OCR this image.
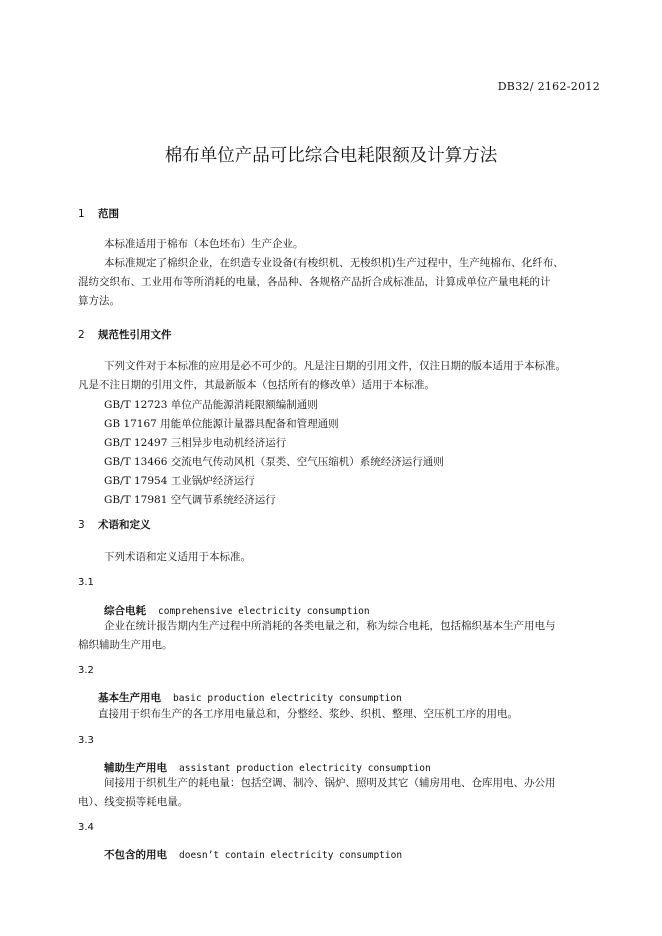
DB32/ 2162-2012
棉布单位产品可比综合电耗限额及计算方法
1 范围
本标准适用于棉布（本色坯布）生产企业。
本标准规定了棉织企业，在织造专业设备(有梭织机、无梭织机)生产过程中，生产纯棉布、化纤布、
混纺交织布、工业用布等所消耗的电量，各品种、各规格产品折合成标准品，计算成单位产量电耗的计
算方法。
2 规范性引用文件
下列文件对于本标准的应用是必不可少的。凡是注日期的引用文件，仅注日期的版本适用于本标准。
凡是不注日期的引用文件，其最新版本（包括所有的修改单）适用于本标准。
GB/T 12723 单位产品能源消耗限额编制通则
GB 17167 用能单位能源计量器具配备和管理通则
GB/T 12497 三相异步电动机经济运行
GB/T 13466 交流电气传动风机（泵类、空气压缩机）系统经济运行通则
GB/T 17954 工业锅炉经济运行
GB/T 17981 空气调节系统经济运行
3 术语和定义
下列术语和定义适用于本标准。
3.1
综合电耗 comprehensive electricity consumption
企业在统计报告期内生产过程中所消耗的各类电量之和，称为综合电耗，包括棉织基本生产用电与
棉织辅助生产用电。
3.2
基本生产用电 basic production electricity consumption
直接用于织布生产的各工序用电量总和，分整经、浆纱、织机、整理、空压机工序的用电。
3.3
辅助生产用电 assistant production electricity consumption
间接用于织机生产的耗电量：包括空调、制冷、锅炉、照明及其它（辅房用电、仓库用电、办公用
电）、线变损等耗电量。
3.4
不包含的用电 doesn’t contain electricity consumption
